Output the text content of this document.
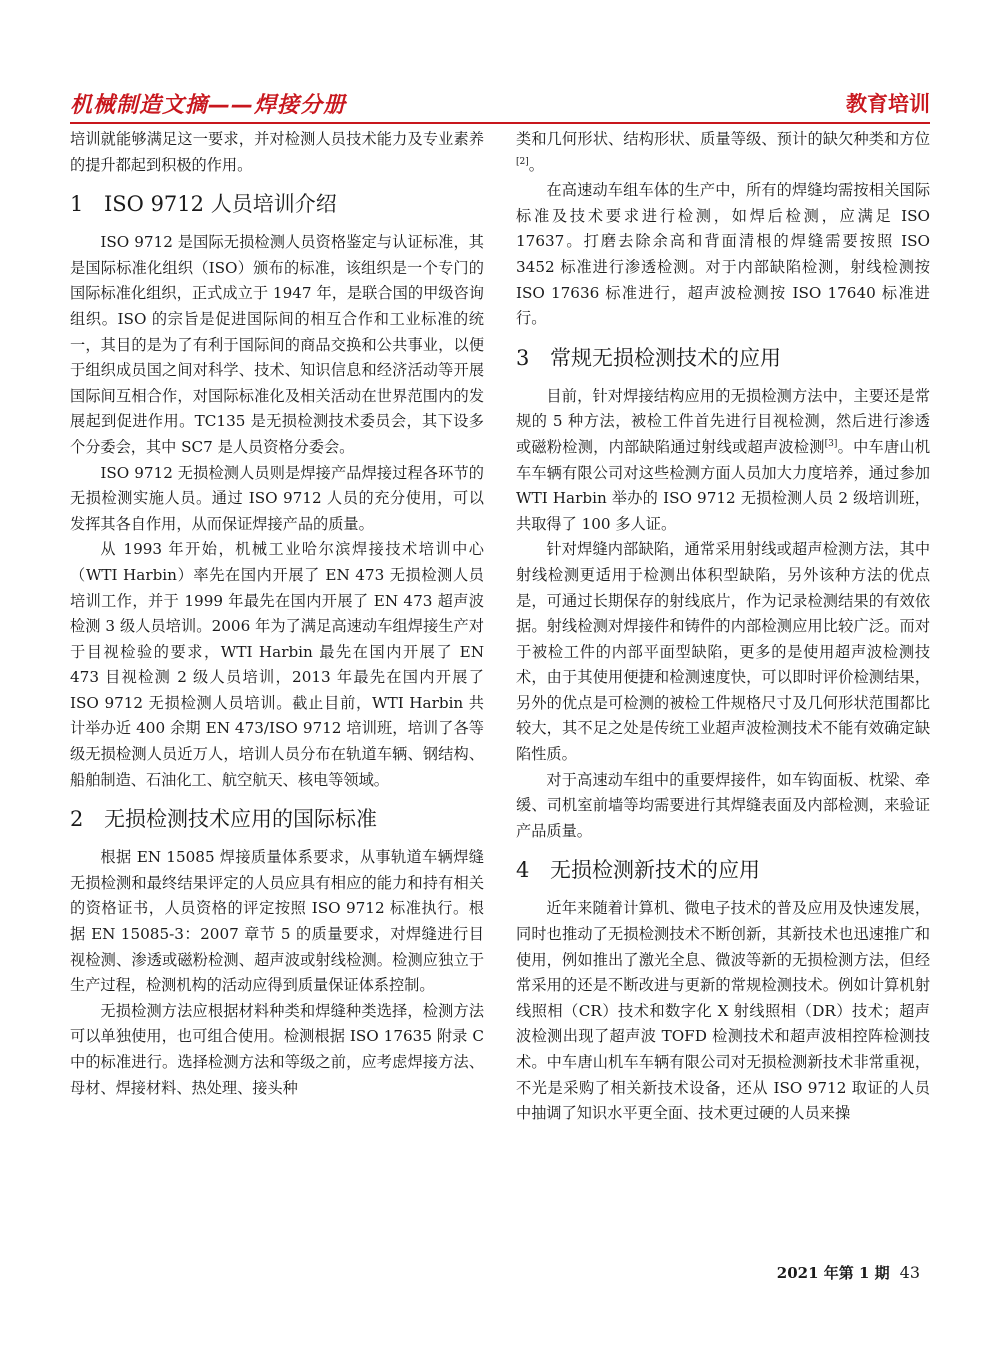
机械制造文摘——焊接分册	教育培训

培训就能够满足这一要求，并对检测人员技术能力及专业素养的提升都起到积极的作用。

1 ISO 9712 人员培训介绍

ISO 9712 是国际无损检测人员资格鉴定与认证标准，其是国际标准化组织（ISO）颁布的标准，该组织是一个专门的国际标准化组织，正式成立于 1947 年，是联合国的甲级咨询组织。ISO 的宗旨是促进国际间的相互合作和工业标准的统一，其目的是为了有利于国际间的商品交换和公共事业，以便于组织成员国之间对科学、技术、知识信息和经济活动等开展国际间互相合作，对国际标准化及相关活动在世界范围内的发展起到促进作用。TC135 是无损检测技术委员会，其下设多个分委会，其中 SC7 是人员资格分委会。

ISO 9712 无损检测人员则是焊接产品焊接过程各环节的无损检测实施人员。通过 ISO 9712 人员的充分使用，可以发挥其各自作用，从而保证焊接产品的质量。

从 1993 年开始，机械工业哈尔滨焊接技术培训中心（WTI Harbin）率先在国内开展了 EN 473 无损检测人员培训工作，并于 1999 年最先在国内开展了 EN 473 超声波检测 3 级人员培训。2006 年为了满足高速动车组焊接生产对于目视检验的要求，WTI Harbin 最先在国内开展了 EN 473 目视检测 2 级人员培训，2013 年最先在国内开展了 ISO 9712 无损检测人员培训。截止目前，WTI Harbin 共计举办近 400 余期 EN 473/ISO 9712 培训班，培训了各等级无损检测人员近万人，培训人员分布在轨道车辆、钢结构、船舶制造、石油化工、航空航天、核电等领域。

2 无损检测技术应用的国际标准

根据 EN 15085 焊接质量体系要求，从事轨道车辆焊缝无损检测和最终结果评定的人员应具有相应的能力和持有相关的资格证书，人员资格的评定按照 ISO 9712 标准执行。根据 EN 15085-3：2007 章节 5 的质量要求，对焊缝进行目视检测、渗透或磁粉检测、超声波或射线检测。检测应独立于生产过程，检测机构的活动应得到质量保证体系控制。

无损检测方法应根据材料种类和焊缝种类选择，检测方法可以单独使用，也可组合使用。检测根据 ISO 17635 附录 C 中的标准进行。选择检测方法和等级之前，应考虑焊接方法、母材、焊接材料、热处理、接头种

类和几何形状、结构形状、质量等级、预计的缺欠种类和方位[2]。

在高速动车组车体的生产中，所有的焊缝均需按相关国际标准及技术要求进行检测，如焊后检测，应满足 ISO 17637。打磨去除余高和背面清根的焊缝需要按照 ISO 3452 标准进行渗透检测。对于内部缺陷检测，射线检测按 ISO 17636 标准进行，超声波检测按 ISO 17640 标准进行。

3 常规无损检测技术的应用

目前，针对焊接结构应用的无损检测方法中，主要还是常规的 5 种方法，被检工件首先进行目视检测，然后进行渗透或磁粉检测，内部缺陷通过射线或超声波检测[3]。中车唐山机车车辆有限公司对这些检测方面人员加大力度培养，通过参加 WTI Harbin 举办的 ISO 9712 无损检测人员 2 级培训班，共取得了 100 多人证。

针对焊缝内部缺陷，通常采用射线或超声检测方法，其中射线检测更适用于检测出体积型缺陷，另外该种方法的优点是，可通过长期保存的射线底片，作为记录检测结果的有效依据。射线检测对焊接件和铸件的内部检测应用比较广泛。而对于被检工件的内部平面型缺陷，更多的是使用超声波检测技术，由于其使用便捷和检测速度快，可以即时评价检测结果，另外的优点是可检测的被检工件规格尺寸及几何形状范围都比较大，其不足之处是传统工业超声波检测技术不能有效确定缺陷性质。

对于高速动车组中的重要焊接件，如车钩面板、枕梁、牵缓、司机室前墙等均需要进行其焊缝表面及内部检测，来验证产品质量。

4 无损检测新技术的应用

近年来随着计算机、微电子技术的普及应用及快速发展，同时也推动了无损检测技术不断创新，其新技术也迅速推广和使用，例如推出了激光全息、微波等新的无损检测方法，但经常采用的还是不断改进与更新的常规检测技术。例如计算机射线照相（CR）技术和数字化 X 射线照相（DR）技术；超声波检测出现了超声波 TOFD 检测技术和超声波相控阵检测技术。中车唐山机车车辆有限公司对无损检测新技术非常重视，不光是采购了相关新技术设备，还从 ISO 9712 取证的人员中抽调了知识水平更全面、技术更过硬的人员来操

2021 年第 1 期 43
